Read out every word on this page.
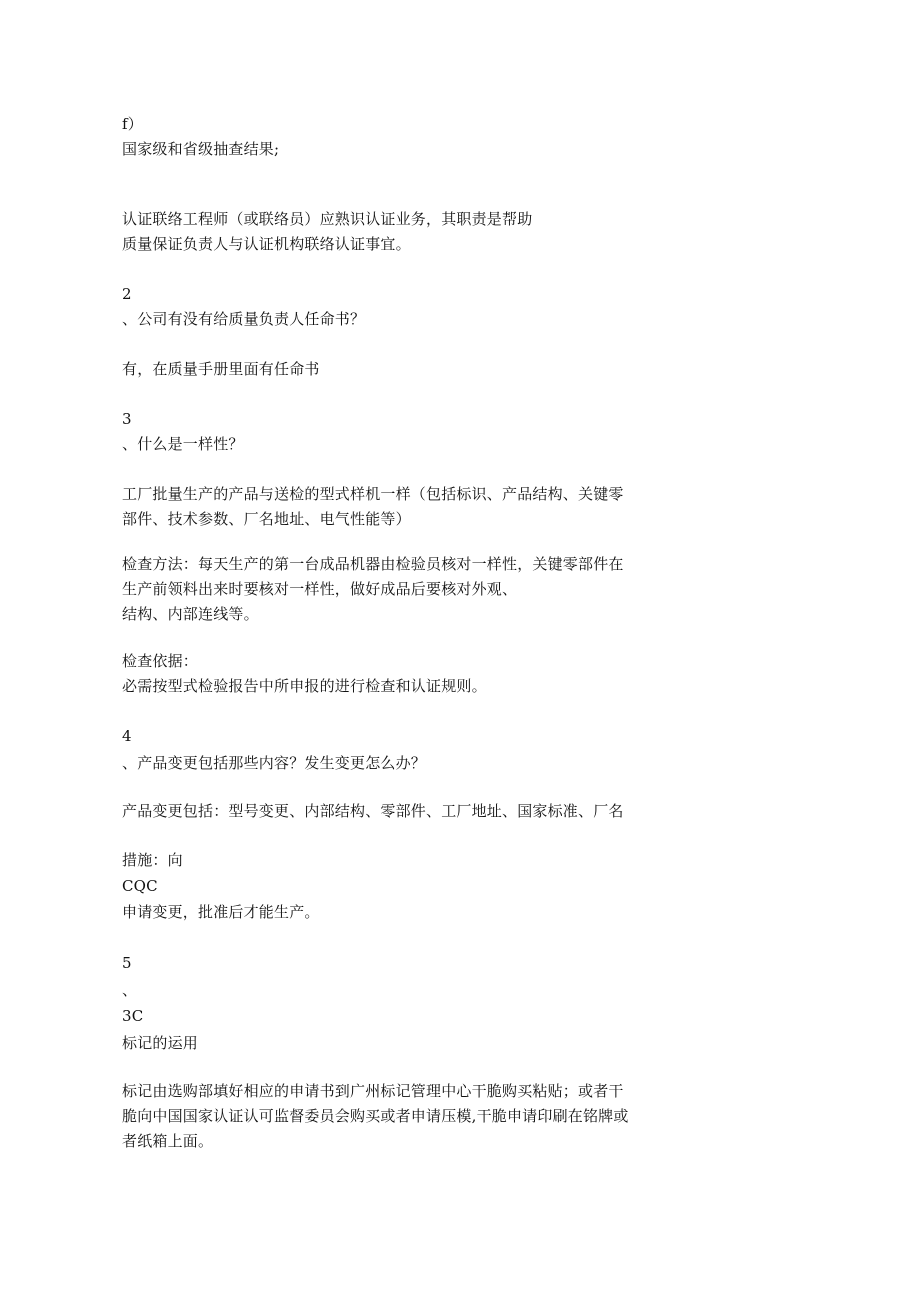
f）
国家级和省级抽查结果;
认证联络工程师（或联络员）应熟识认证业务，其职责是帮助
质量保证负责人与认证机构联络认证事宜。
2
、公司有没有给质量负责人任命书？
有，在质量手册里面有任命书
3
、什么是一样性？
工厂批量生产的产品与送检的型式样机一样（包括标识、产品结构、关键零
部件、技术参数、厂名地址、电气性能等）
检查方法：每天生产的第一台成品机器由检验员核对一样性，关键零部件在
生产前领料出来时要核对一样性，做好成品后要核对外观、
结构、内部连线等。
检查依据：
必需按型式检验报告中所申报的进行检查和认证规则。
4
、产品变更包括那些内容？发生变更怎么办？
产品变更包括：型号变更、内部结构、零部件、工厂地址、国家标准、厂名
措施：向
CQC
申请变更，批准后才能生产。
5
、
3C
标记的运用
标记由选购部填好相应的申请书到广州标记管理中心干脆购买粘贴；或者干
脆向中国国家认证认可监督委员会购买或者申请压模,干脆申请印刷在铭牌或
者纸箱上面。
